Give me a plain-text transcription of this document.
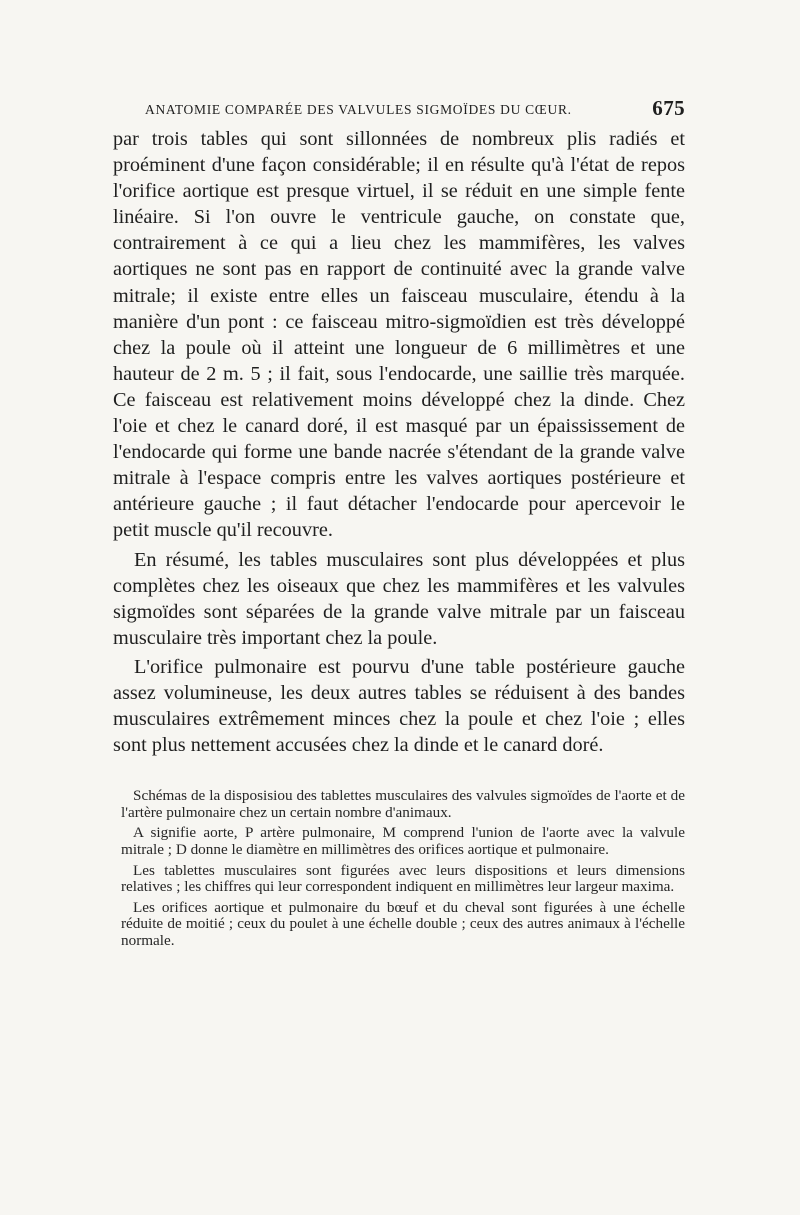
ANATOMIE COMPARÉE DES VALVULES SIGMOÏDES DU CŒUR.	675

par trois tables qui sont sillonnées de nombreux plis radiés et proéminent d'une façon considérable; il en résulte qu'à l'état de repos l'orifice aortique est presque virtuel, il se réduit en une simple fente linéaire. Si l'on ouvre le ventricule gauche, on constate que, contrairement à ce qui a lieu chez les mammifères, les valves aortiques ne sont pas en rapport de continuité avec la grande valve mitrale; il existe entre elles un faisceau musculaire, étendu à la manière d'un pont : ce faisceau mitro-sigmoïdien est très développé chez la poule où il atteint une longueur de 6 millimètres et une hauteur de 2 m. 5 ; il fait, sous l'endocarde, une saillie très marquée. Ce faisceau est relativement moins développé chez la dinde. Chez l'oie et chez le canard doré, il est masqué par un épaississement de l'endocarde qui forme une bande nacrée s'étendant de la grande valve mitrale à l'espace compris entre les valves aortiques postérieure et antérieure gauche ; il faut détacher l'endocarde pour apercevoir le petit muscle qu'il recouvre.

En résumé, les tables musculaires sont plus développées et plus complètes chez les oiseaux que chez les mammifères et les valvules sigmoïdes sont séparées de la grande valve mitrale par un faisceau musculaire très important chez la poule.

L'orifice pulmonaire est pourvu d'une table postérieure gauche assez volumineuse, les deux autres tables se réduisent à des bandes musculaires extrêmement minces chez la poule et chez l'oie ; elles sont plus nettement accusées chez la dinde et le canard doré.

Schémas de la disposisiou des tablettes musculaires des valvules sigmoïdes de l'aorte et de l'artère pulmonaire chez un certain nombre d'animaux.

A signifie aorte, P artère pulmonaire, M comprend l'union de l'aorte avec la valvule mitrale ; D donne le diamètre en millimètres des orifices aortique et pulmonaire.

Les tablettes musculaires sont figurées avec leurs dispositions et leurs dimensions relatives ; les chiffres qui leur correspondent indiquent en millimètres leur largeur maxima.

Les orifices aortique et pulmonaire du bœuf et du cheval sont figurées à une échelle réduite de moitié ; ceux du poulet à une échelle double ; ceux des autres animaux à l'échelle normale.
